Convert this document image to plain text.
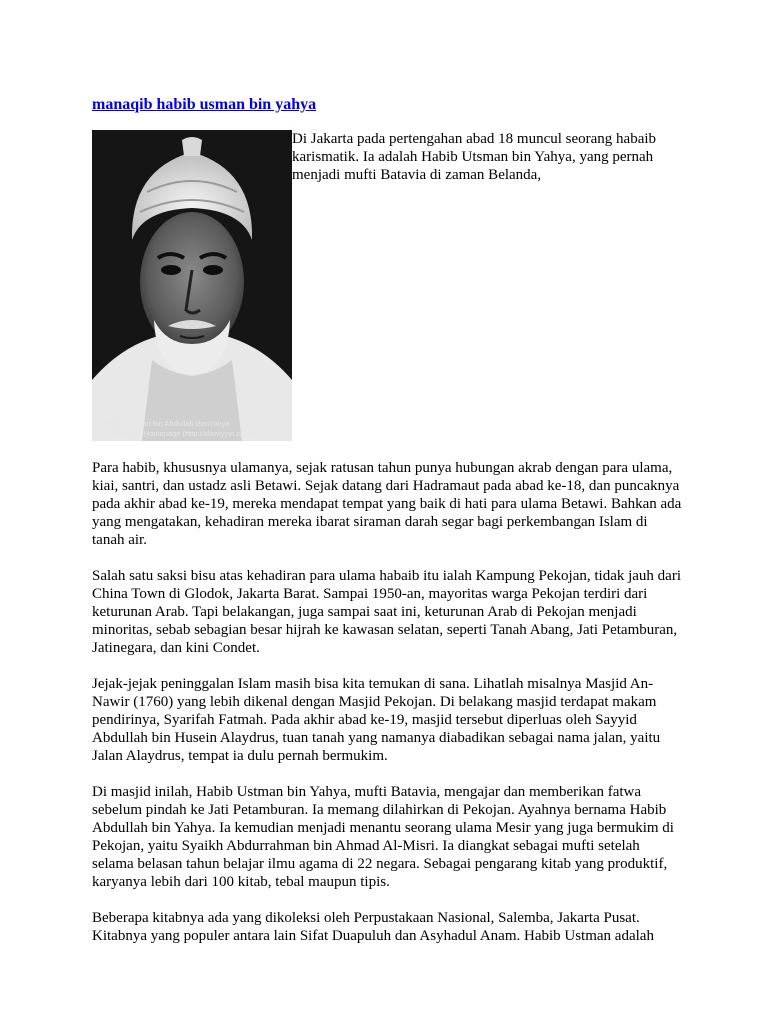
manaqib habib usman bin yahya
Al-Habib Utsman bin Abdullah BenYahya
© Al-Alawiyyin Homepage (http://alawiyyin.cjb.net)
Di Jakarta pada pertengahan abad 18 muncul seorang habaib karismatik. Ia adalah Habib Utsman bin Yahya, yang pernah menjadi mufti Batavia di zaman Belanda,

Para habib, khususnya ulamanya, sejak ratusan tahun punya hubungan akrab dengan para ulama, kiai, santri, dan ustadz asli Betawi. Sejak datang dari Hadramaut pada abad ke-18, dan puncaknya pada akhir abad ke-19, mereka mendapat tempat yang baik di hati para ulama Betawi. Bahkan ada yang mengatakan, kehadiran mereka ibarat siraman darah segar bagi perkembangan Islam di tanah air.

Salah satu saksi bisu atas kehadiran para ulama habaib itu ialah Kampung Pekojan, tidak jauh dari China Town di Glodok, Jakarta Barat. Sampai 1950-an, mayoritas warga Pekojan terdiri dari keturunan Arab. Tapi belakangan, juga sampai saat ini, keturunan Arab di Pekojan menjadi minoritas, sebab sebagian besar hijrah ke kawasan selatan, seperti Tanah Abang, Jati Petamburan, Jatinegara, dan kini Condet.

Jejak-jejak peninggalan Islam masih bisa kita temukan di sana. Lihatlah misalnya Masjid An-Nawir (1760) yang lebih dikenal dengan Masjid Pekojan. Di belakang masjid terdapat makam pendirinya, Syarifah Fatmah. Pada akhir abad ke-19, masjid tersebut diperluas oleh Sayyid Abdullah bin Husein Alaydrus, tuan tanah yang namanya diabadikan sebagai nama jalan, yaitu Jalan Alaydrus, tempat ia dulu pernah bermukim.

Di masjid inilah, Habib Ustman bin Yahya, mufti Batavia, mengajar dan memberikan fatwa sebelum pindah ke Jati Petamburan. Ia memang dilahirkan di Pekojan. Ayahnya bernama Habib Abdullah bin Yahya. Ia kemudian menjadi menantu seorang ulama Mesir yang juga bermukim di Pekojan, yaitu Syaikh Abdurrahman bin Ahmad Al-Misri. Ia diangkat sebagai mufti setelah selama belasan tahun belajar ilmu agama di 22 negara. Sebagai pengarang kitab yang produktif, karyanya lebih dari 100 kitab, tebal maupun tipis.

Beberapa kitabnya ada yang dikoleksi oleh Perpustakaan Nasional, Salemba, Jakarta Pusat. Kitabnya yang populer antara lain Sifat Duapuluh dan Asyhadul Anam. Habib Ustman adalah
